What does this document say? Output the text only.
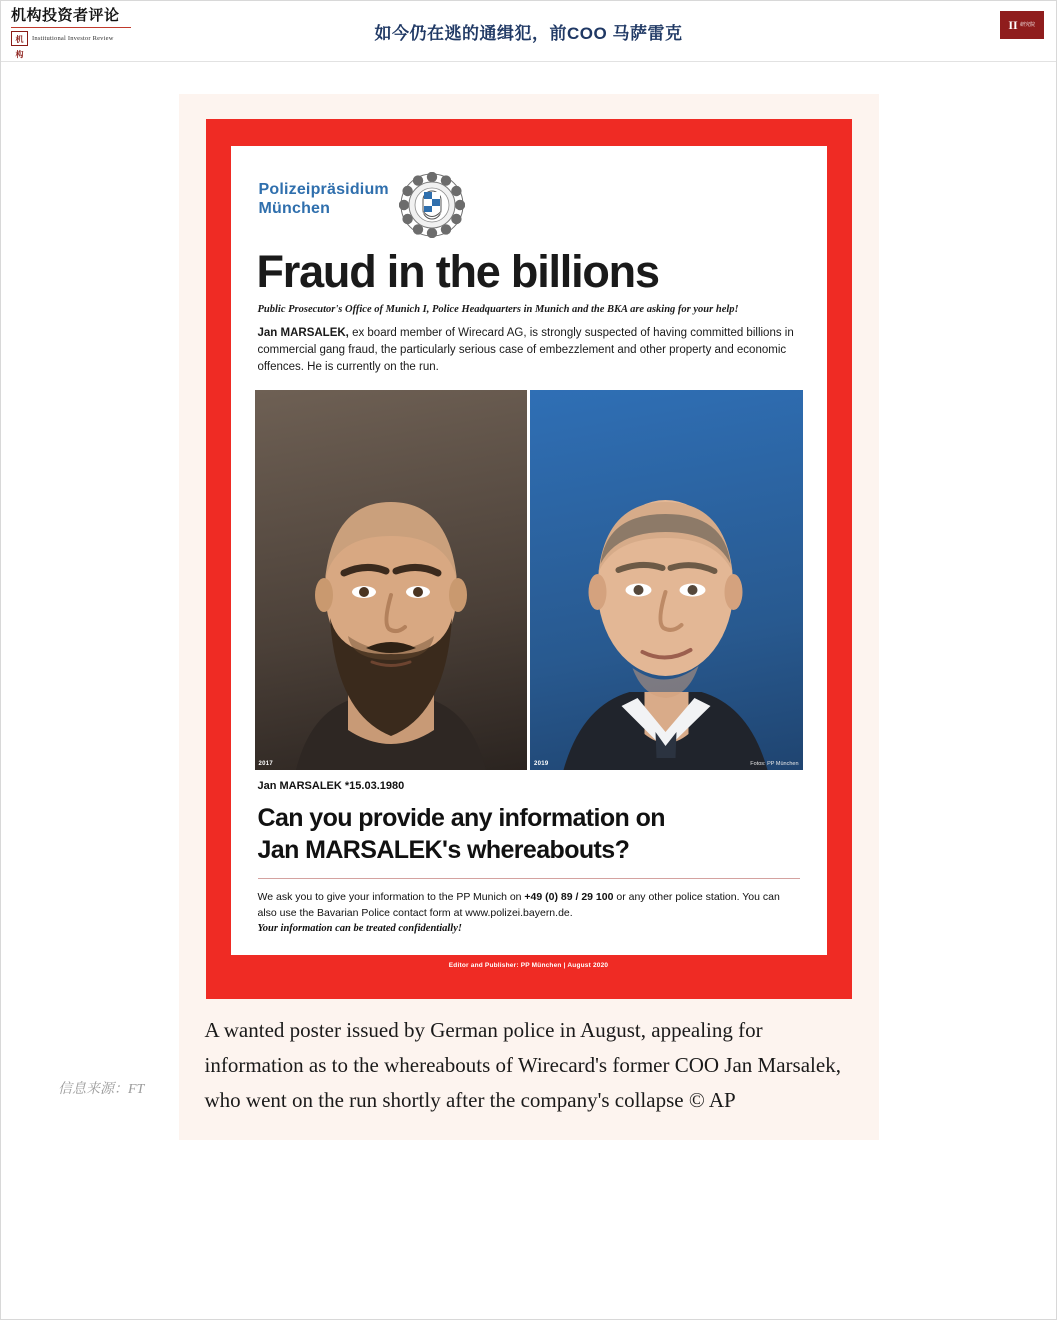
机构投资者评论
机构
Institutional Investor Review	如今仍在逃的通缉犯，前COO 马萨雷克	II 研究院
Polizeipräsidium
München
Fraud in the billions
Public Prosecutor's Office of Munich I, Police Headquarters in Munich and the BKA are asking for your help!
Jan MARSALEK, ex board member of Wirecard AG, is strongly suspected of having committed billions in commercial gang fraud, the particularly serious case of embezzlement and other property and economic offences. He is currently on the run.
2017	2019	Fotos: PP München
Jan MARSALEK *15.03.1980
Can you provide any information on
Jan MARSALEK's whereabouts?
We ask you to give your information to the PP Munich on +49 (0) 89 / 29 100 or any other police station. You can also use the Bavarian Police contact form at www.polizei.bayern.de.
Your information can be treated confidentially!
Editor and Publisher: PP München | August 2020
A wanted poster issued by German police in August, appealing for information as to the whereabouts of Wirecard's former COO Jan Marsalek, who went on the run shortly after the company's collapse © AP
信息来源：FT
